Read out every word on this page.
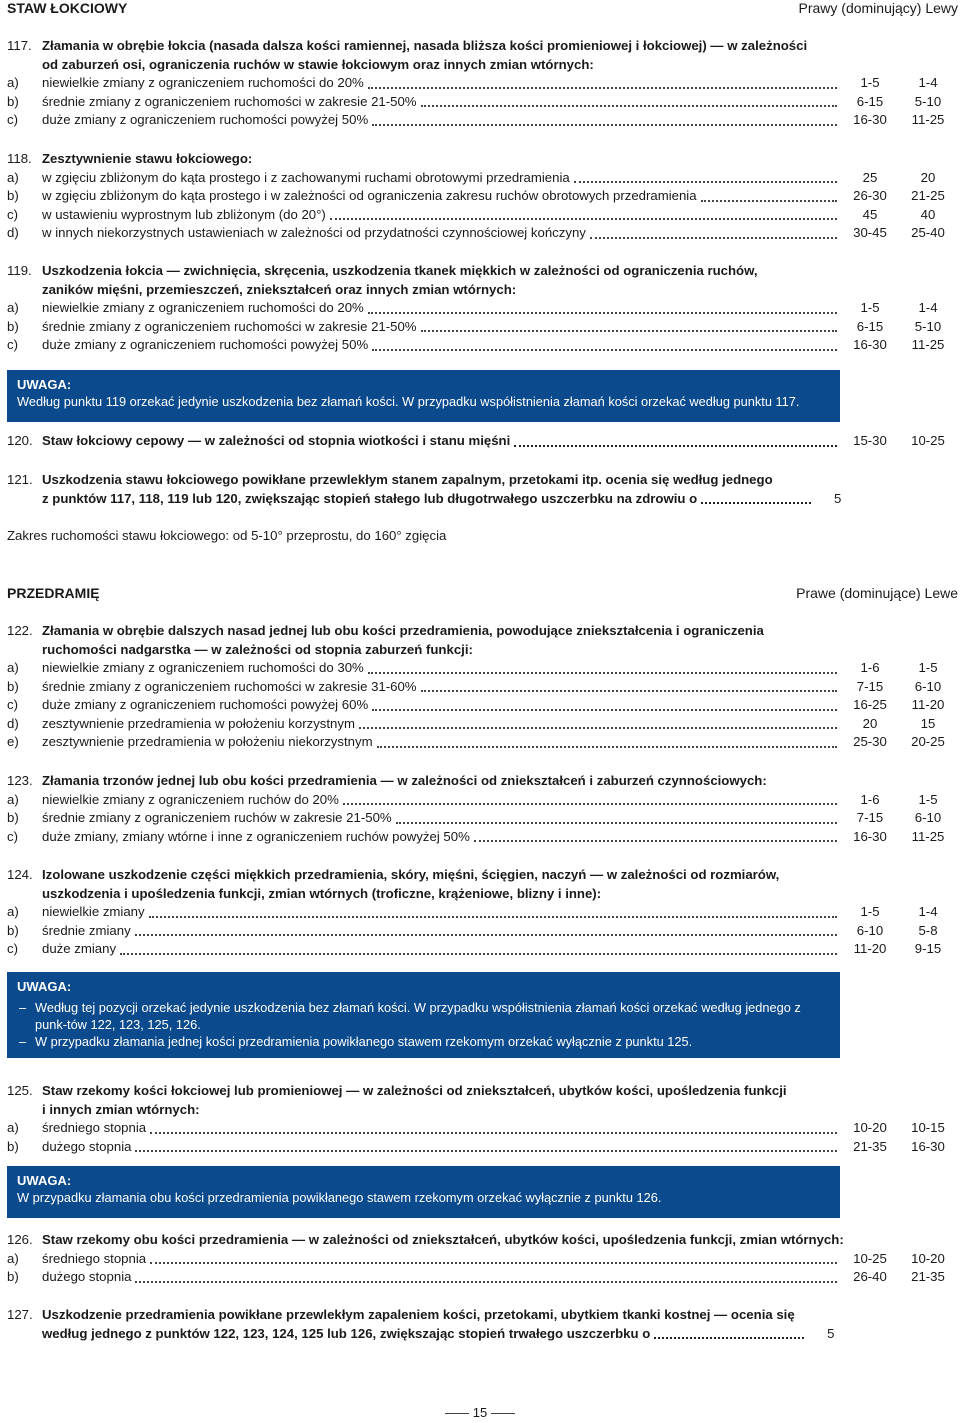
STAW ŁOKCIOWY	Prawy (dominujący) Lewy
117. Złamania w obrębie łokcia (nasada dalsza kości ramiennej, nasada bliższa kości promieniowej i łokciowej) — w zależności
od zaburzeń osi, ograniczenia ruchów w stawie łokciowym oraz innych zmian wtórnych:
a)	niewielkie zmiany z ograniczeniem ruchomości do 20%	1-5	1-4
b)	średnie zmiany z ograniczeniem ruchomości w zakresie 21-50%	6-15	5-10
c)	duże zmiany z ograniczeniem ruchomości powyżej 50%	16-30	11-25
118. Zesztywnienie stawu łokciowego:
a)	w zgięciu zbliżonym do kąta prostego i z zachowanymi ruchami obrotowymi przedramienia	25	20
b)	w zgięciu zbliżonym do kąta prostego i w zależności od ograniczenia zakresu ruchów obrotowych przedramienia	26-30	21-25
c)	w ustawieniu wyprostnym lub zbliżonym (do 20°)	45	40
d)	w innych niekorzystnych ustawieniach w zależności od przydatności czynnościowej kończyny	30-45	25-40
119. Uszkodzenia łokcia — zwichnięcia, skręcenia, uszkodzenia tkanek miękkich w zależności od ograniczenia ruchów,
zaników mięśni, przemieszczeń, zniekształceń oraz innych zmian wtórnych:
a)	niewielkie zmiany z ograniczeniem ruchomości do 20%	1-5	1-4
b)	średnie zmiany z ograniczeniem ruchomości w zakresie 21-50%	6-15	5-10
c)	duże zmiany z ograniczeniem ruchomości powyżej 50%	16-30	11-25
UWAGA:
Według punktu 119 orzekać jedynie uszkodzenia bez złamań kości. W przypadku współistnienia złamań kości orzekać według punktu 117.
120. Staw łokciowy cepowy — w zależności od stopnia wiotkości i stanu mięśni	15-30	10-25
121. Uszkodzenia stawu łokciowego powikłane przewlekłym stanem zapalnym, przetokami itp. ocenia się według jednego
z punktów 117, 118, 119 lub 120, zwiększając stopień stałego lub długotrwałego uszczerbku na zdrowiu o	5
Zakres ruchomości stawu łokciowego: od 5-10° przeprostu, do 160° zgięcia
PRZEDRAMIĘ	Prawe (dominujące) Lewe
122. Złamania w obrębie dalszych nasad jednej lub obu kości przedramienia, powodujące zniekształcenia i ograniczenia
ruchomości nadgarstka — w zależności od stopnia zaburzeń funkcji:
a)	niewielkie zmiany z ograniczeniem ruchomości do 30%	1-6	1-5
b)	średnie zmiany z ograniczeniem ruchomości w zakresie 31-60%	7-15	6-10
c)	duże zmiany z ograniczeniem ruchomości powyżej 60%	16-25	11-20
d)	zesztywnienie przedramienia w położeniu korzystnym	20	15
e)	zesztywnienie przedramienia w położeniu niekorzystnym	25-30	20-25
123. Złamania trzonów jednej lub obu kości przedramienia — w zależności od zniekształceń i zaburzeń czynnościowych:
a)	niewielkie zmiany z ograniczeniem ruchów do 20%	1-6	1-5
b)	średnie zmiany z ograniczeniem ruchów w zakresie 21-50%	7-15	6-10
c)	duże zmiany, zmiany wtórne i inne z ograniczeniem ruchów powyżej 50%	16-30	11-25
124. Izolowane uszkodzenie części miękkich przedramienia, skóry, mięśni, ścięgien, naczyń — w zależności od rozmiarów,
uszkodzenia i upośledzenia funkcji, zmian wtórnych (troficzne, krążeniowe, blizny i inne):
a)	niewielkie zmiany	1-5	1-4
b)	średnie zmiany	6-10	5-8
c)	duże zmiany	11-20	9-15
UWAGA:
– Według tej pozycji orzekać jedynie uszkodzenia bez złamań kości. W przypadku współistnienia złamań kości orzekać według jednego z punk-tów 122, 123, 125, 126.
– W przypadku złamania jednej kości przedramienia powikłanego stawem rzekomym orzekać wyłącznie z punktu 125.
125. Staw rzekomy kości łokciowej lub promieniowej — w zależności od zniekształceń, ubytków kości, upośledzenia funkcji
i innych zmian wtórnych:
a)	średniego stopnia	10-20	10-15
b)	dużego stopnia	21-35	16-30
UWAGA:
W przypadku złamania obu kości przedramienia powikłanego stawem rzekomym orzekać wyłącznie z punktu 126.
126. Staw rzekomy obu kości przedramienia — w zależności od zniekształceń, ubytków kości, upośledzenia funkcji, zmian wtórnych:
a)	średniego stopnia	10-25	10-20
b)	dużego stopnia	26-40	21-35
127. Uszkodzenie przedramienia powikłane przewlekłym zapaleniem kości, przetokami, ubytkiem tkanki kostnej — ocenia się
według jednego z punktów 122, 123, 124, 125 lub 126, zwiększając stopień trwałego uszczerbku o	5
15
